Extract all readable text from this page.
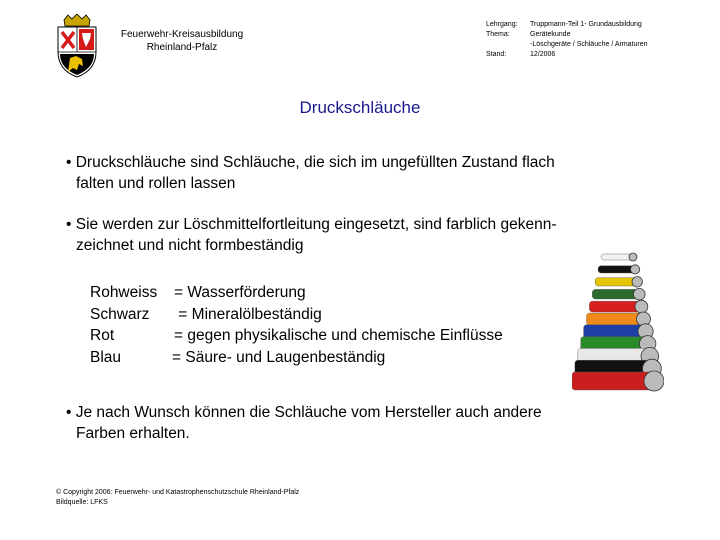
Feuerwehr-Kreisausbildung
Rheinland-Pfalz
Lehrgang:	Truppmann-Teil 1- Grundausbildung
Thema:	Gerätekunde
-Löschgeräte / Schläuche / Armaturen
Stand:	12/2006
Druckschläuche
• Druckschläuche sind Schläuche, die sich im ungefüllten Zustand flach
falten und rollen lassen
• Sie werden zur Löschmittelfortleitung eingesetzt, sind farblich gekenn-
zeichnet und nicht formbeständig
Rohweiss	= Wasserförderung
Schwarz	= Mineralölbeständig
Rot	= gegen physikalische und chemische Einflüsse
Blau	= Säure- und Laugenbeständig
• Je nach Wunsch können die Schläuche vom Hersteller auch andere
Farben erhalten.
© Copyright 2006: Feuerwehr- und Katastrophenschutzschule Rheinland-Pfalz
Bildquelle: LFKS
